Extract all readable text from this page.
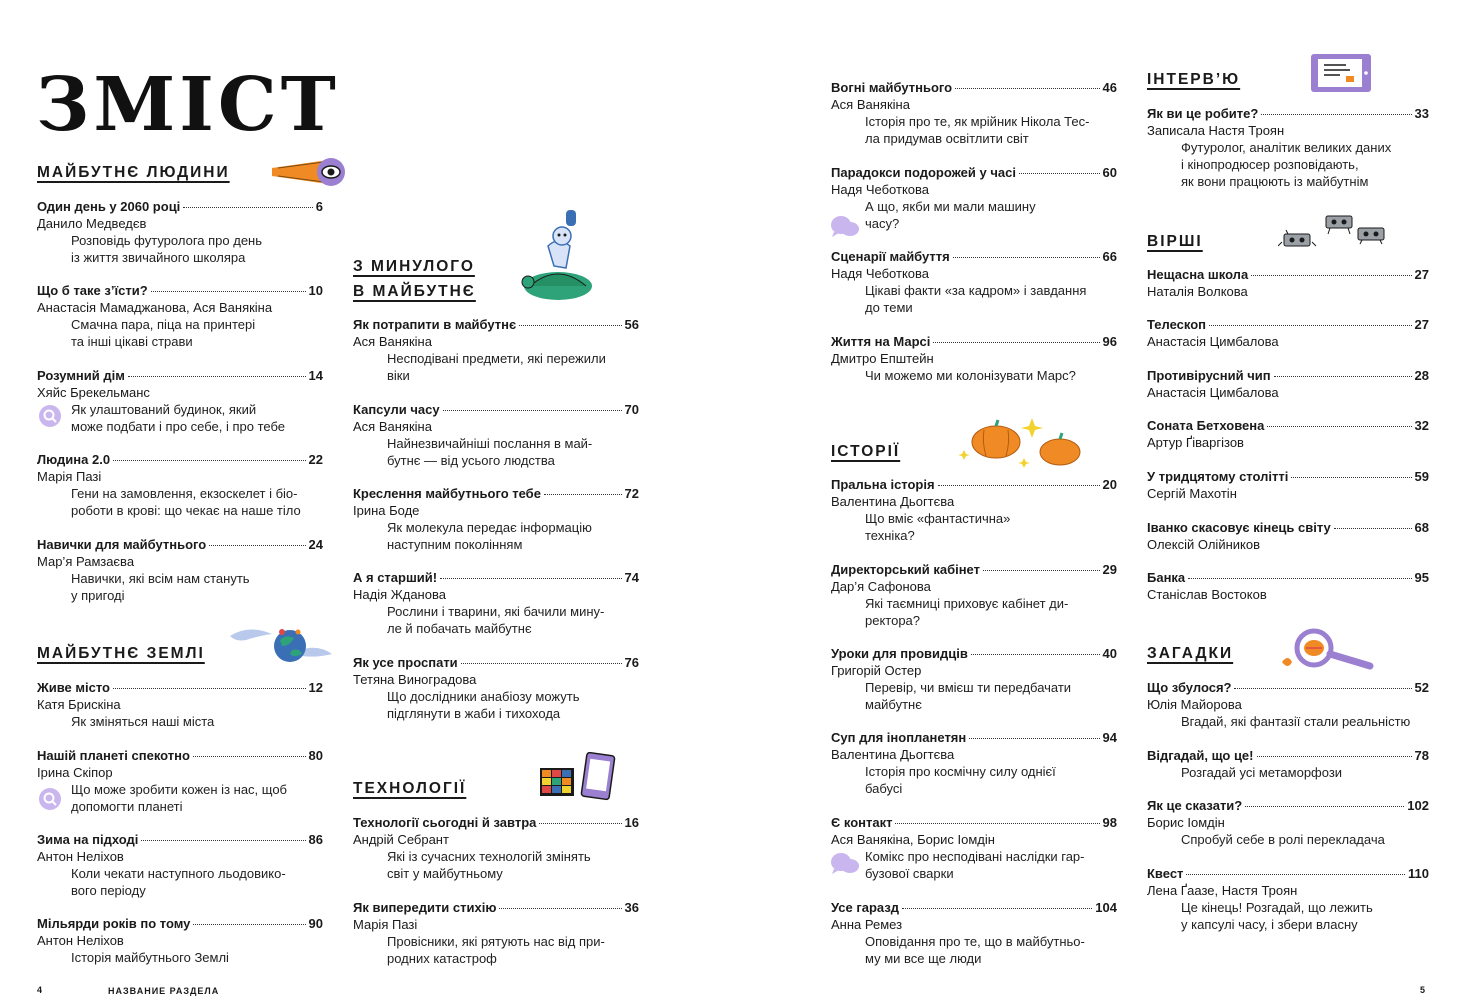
ЗМІСТ
МАЙБУТНЄ ЛЮДИНИ
МАЙБУТНЄ ЗЕМЛІ
З МИНУЛОГО
В МАЙБУТНЄ
ТЕХНОЛОГІЇ
ІСТОРІЇ
ІНТЕРВ’Ю
ВІРШІ
ЗАГАДКИ
Один день у 2060 році	6
Данило Медведєв
Розповідь футуролога про день
із життя звичайного школяра
Що б таке з’їсти?	10
Анастасія Мамаджанова, Ася Ванякіна
Смачна пара, піца на принтері
та інші цікаві страви
Розумний дім	14
Хяйс Брекельманс
Як улаштований будинок, який
може подбати і про себе, і про тебе
Людина 2.0	22
Марія Пазі
Гени на замовлення, екзоскелет і біо-
роботи в крові: що чекає на наше тіло
Навички для майбутнього	24
Мар’я Рамзаєва
Навички, які всім нам стануть
у пригоді
Живе місто	12
Катя Брискіна
Як зміняться наші міста
Нашій планеті спекотно	80
Ірина Скіпор
Що може зробити кожен із нас, щоб
допомогти планеті
Зима на підході	86
Антон Неліхов
Коли чекати наступного льодовико-
вого періоду
Мільярди років по тому	90
Антон Неліхов
Історія майбутнього Землі
Як потрапити в майбутнє	56
Ася Ванякіна
Несподівані предмети, які пережили
віки
Капсули часу	70
Ася Ванякіна
Найнезвичайніші послання в май-
бутнє — від усього людства
Креслення майбутнього тебе	72
Ірина Боде
Як молекула передає інформацію
наступним поколінням
А я старший!	74
Надія Жданова
Рослини і тварини, які бачили мину-
ле й побачать майбутнє
Як усе проспати	76
Тетяна Виноградова
Що дослідники анабіозу можуть
підглянути в жаби і тихохода
Технології сьогодні й завтра	16
Андрій Себрант
Які із сучасних технологій змінять
світ у майбутньому
Як випередити стихію	36
Марія Пазі
Провісники, які рятують нас від при-
родних катастроф
Вогні майбутнього	46
Ася Ванякіна
Історія про те, як мрійник Нікола Тес-
ла придумав освітлити світ
Парадокси подорожей у часі	60
Надя Чеботкова
А що, якби ми мали машину
часу?
Сценарії майбуття	66
Надя Чеботкова
Цікаві факти «за кадром» і завдання
до теми
Життя на Марсі	96
Дмитро Епштейн
Чи можемо ми колонізувати Марс?
Пральна історія	20
Валентина Дьогтєва
Що вміє «фантастична»
техніка?
Директорський кабінет	29
Дар’я Сафонова
Які таємниці приховує кабінет ди-
ректора?
Уроки для провидців	40
Григорій Остер
Перевір, чи вмієш ти передбачати
майбутнє
Суп для інопланетян	94
Валентина Дьогтєва
Історія про космічну силу однієї
бабусі
Є контакт	98
Ася Ванякіна, Борис Іомдін
Комікс про несподівані наслідки гар-
бузової сварки
Усе гаразд	104
Анна Ремез
Оповідання про те, що в майбутньо-
му ми все ще люди
Як ви це робите?	33
Записала Настя Троян
Футуролог, аналітик великих даних
і кінопродюсер розповідають,
як вони працюють із майбутнім
Нещасна школа	27
Наталія Волкова
Телескоп	27
Анастасія Цимбалова
Противірусний чип	28
Анастасія Цимбалова
Соната Бетховена	32
Артур Ґіваргізов
У тридцятому столітті	59
Сергій Махотін
Іванко скасовує кінець світу	68
Олексій Олійников
Банка	95
Станіслав Востоков
Що збулося?	52
Юлія Майорова
Вгадай, які фантазії стали реальністю
Відгадай, що це!	78
Розгадай усі метаморфози
Як це сказати?	102
Борис Іомдін
Спробуй себе в ролі перекладача
Квест	110
Лена Ґаазе, Настя Троян
Це кінець! Розгадай, що лежить
у капсулі часу, і збери власну
4	НАЗВАНИЕ РАЗДЕЛА	5
